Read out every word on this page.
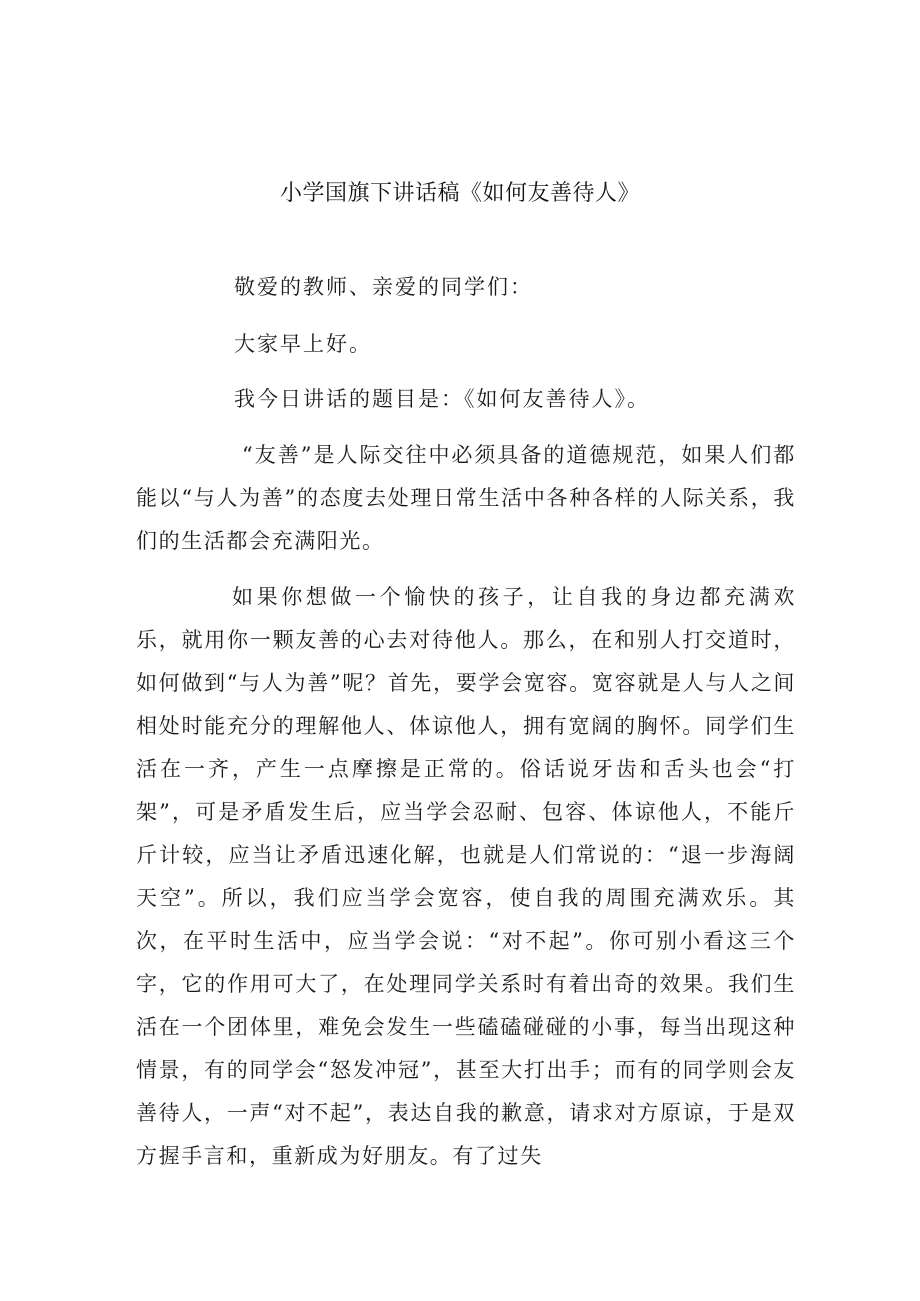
小学国旗下讲话稿《如何友善待人》
敬爱的教师、亲爱的同学们：
大家早上好。
我今日讲话的题目是：《如何友善待人》。
“友善”是人际交往中必须具备的道德规范，如果人们都能以“与人为善”的态度去处理日常生活中各种各样的人际关系，我们的生活都会充满阳光。
如果你想做一个愉快的孩子，让自我的身边都充满欢乐，就用你一颗友善的心去对待他人。那么，在和别人打交道时，如何做到“与人为善”呢？首先，要学会宽容。宽容就是人与人之间相处时能充分的理解他人、体谅他人，拥有宽阔的胸怀。同学们生活在一齐，产生一点摩擦是正常的。俗话说牙齿和舌头也会“打架”，可是矛盾发生后，应当学会忍耐、包容、体谅他人，不能斤斤计较，应当让矛盾迅速化解，也就是人们常说的：“退一步海阔天空”。所以，我们应当学会宽容，使自我的周围充满欢乐。其次，在平时生活中，应当学会说：“对不起”。你可别小看这三个字，它的作用可大了，在处理同学关系时有着出奇的效果。我们生活在一个团体里，难免会发生一些磕磕碰碰的小事，每当出现这种情景，有的同学会“怒发冲冠”，甚至大打出手；而有的同学则会友善待人，一声“对不起”，表达自我的歉意，请求对方原谅，于是双方握手言和，重新成为好朋友。有了过失
